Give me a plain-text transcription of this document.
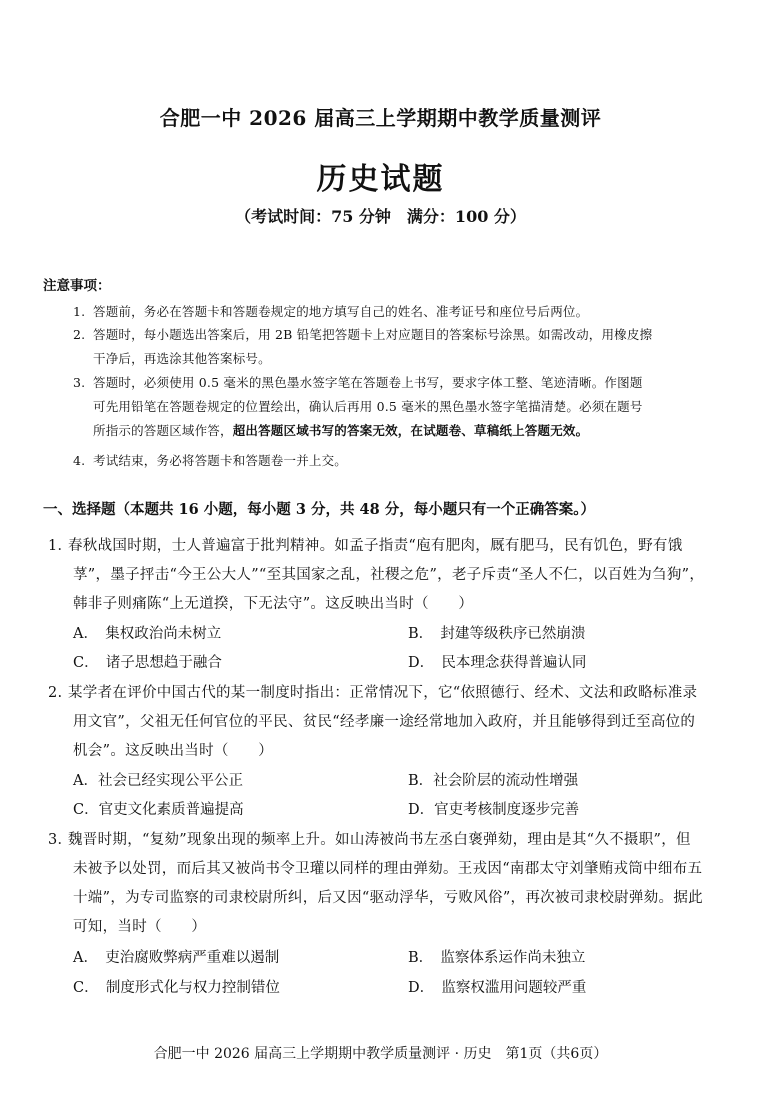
合肥一中 2026 届高三上学期期中教学质量测评
历史试题
（考试时间：75 分钟　满分：100 分）
注意事项：
1. 答题前，务必在答题卡和答题卷规定的地方填写自己的姓名、准考证号和座位号后两位。
2. 答题时，每小题选出答案后，用 2B 铅笔把答题卡上对应题目的答案标号涂黑。如需改动，用橡皮擦
干净后，再选涂其他答案标号。
3. 答题时，必须使用 0.5 毫米的黑色墨水签字笔在答题卷上书写，要求字体工整、笔迹清晰。作图题
可先用铅笔在答题卷规定的位置绘出，确认后再用 0.5 毫米的黑色墨水签字笔描清楚。必须在题号
所指示的答题区域作答，超出答题区域书写的答案无效，在试题卷、草稿纸上答题无效。
4. 考试结束，务必将答题卡和答题卷一并上交。
一、选择题（本题共 16 小题，每小题 3 分，共 48 分，每小题只有一个正确答案。）
1．春秋战国时期，士人普遍富于批判精神。如孟子指责“庖有肥肉，厩有肥马，民有饥色，野有饿
莩”，墨子抨击“今王公大人”“至其国家之乱，社稷之危”，老子斥责“圣人不仁，以百姓为刍狗”，
韩非子则痛陈“上无道揆，下无法守”。这反映出当时（　　）
A．　集权政治尚未树立	B．　封建等级秩序已然崩溃
C．　诸子思想趋于融合	D．　民本理念获得普遍认同
2. 某学者在评价中国古代的某一制度时指出：正常情况下，它“依照德行、经术、文法和政略标准录
用文官”，父祖无任何官位的平民、贫民“经孝廉一途经常地加入政府，并且能够得到迁至高位的
机会”。这反映出当时（　　）
A．社会已经实现公平公正	B．社会阶层的流动性增强
C．官吏文化素质普遍提高	D．官吏考核制度逐步完善
3．魏晋时期，“复劾”现象出现的频率上升。如山涛被尚书左丞白褒弹劾，理由是其“久不摄职”，但
未被予以处罚，而后其又被尚书令卫瓘以同样的理由弹劾。王戎因“南郡太守刘肇贿戎筒中细布五
十端”，为专司监察的司隶校尉所纠，后又因“驱动浮华，亏败风俗”，再次被司隶校尉弹劾。据此
可知，当时（　　）
A．　吏治腐败弊病严重难以遏制	B．　监察体系运作尚未独立
C．　制度形式化与权力控制错位	D．　监察权滥用问题较严重
合肥一中 2026 届高三上学期期中教学质量测评 · 历史　第1页（共6页）
